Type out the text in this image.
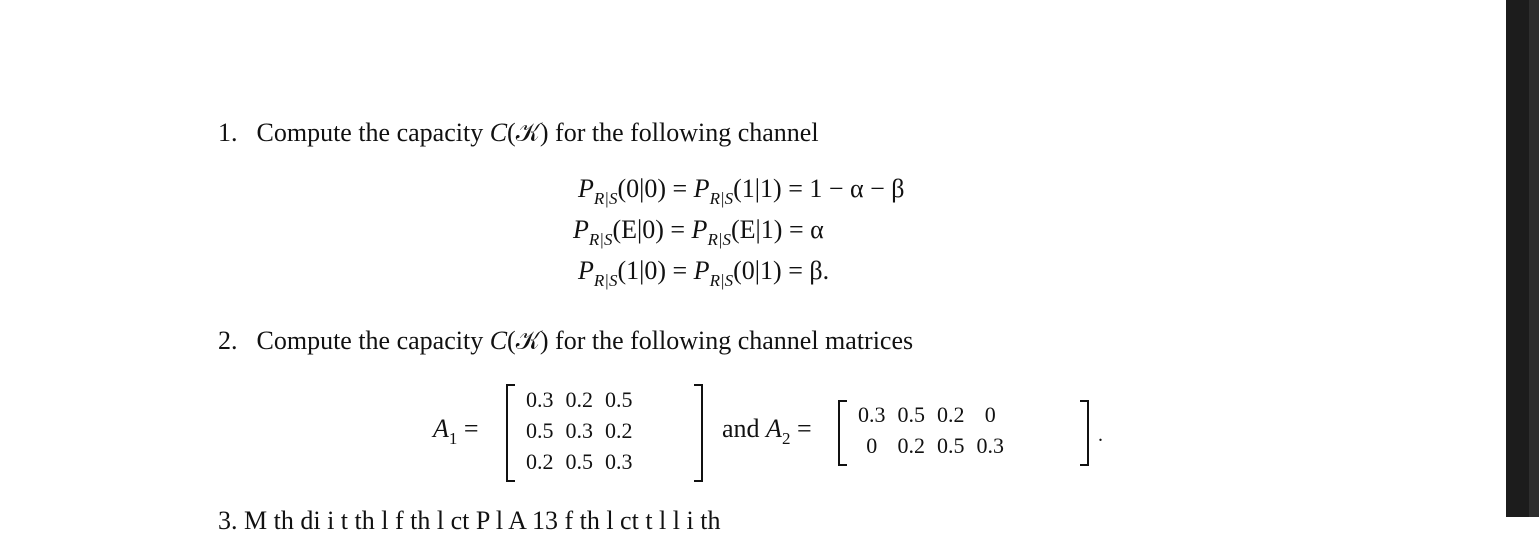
1. Compute the capacity C(𝒦) for the following channel
$P_{R|S}(0|0) = P_{R|S}(1|1) = 1 - \alpha - \beta$
$P_{R|S}(E|0) = P_{R|S}(E|1) = \alpha$
$P_{R|S}(1|0) = P_{R|S}(0|1) = \beta$.
2. Compute the capacity C(𝒦) for the following channel matrices
$A_1$ =
0.3	0.2	0.5
0.5	0.3	0.2
0.2	0.5	0.3
and $A_2 = 0.3$	0.5	0.2	0
0	0.2	0.5	0.3	.
3. M th di i t th l f th l ct P l A 13 f th l ct t l l i th
